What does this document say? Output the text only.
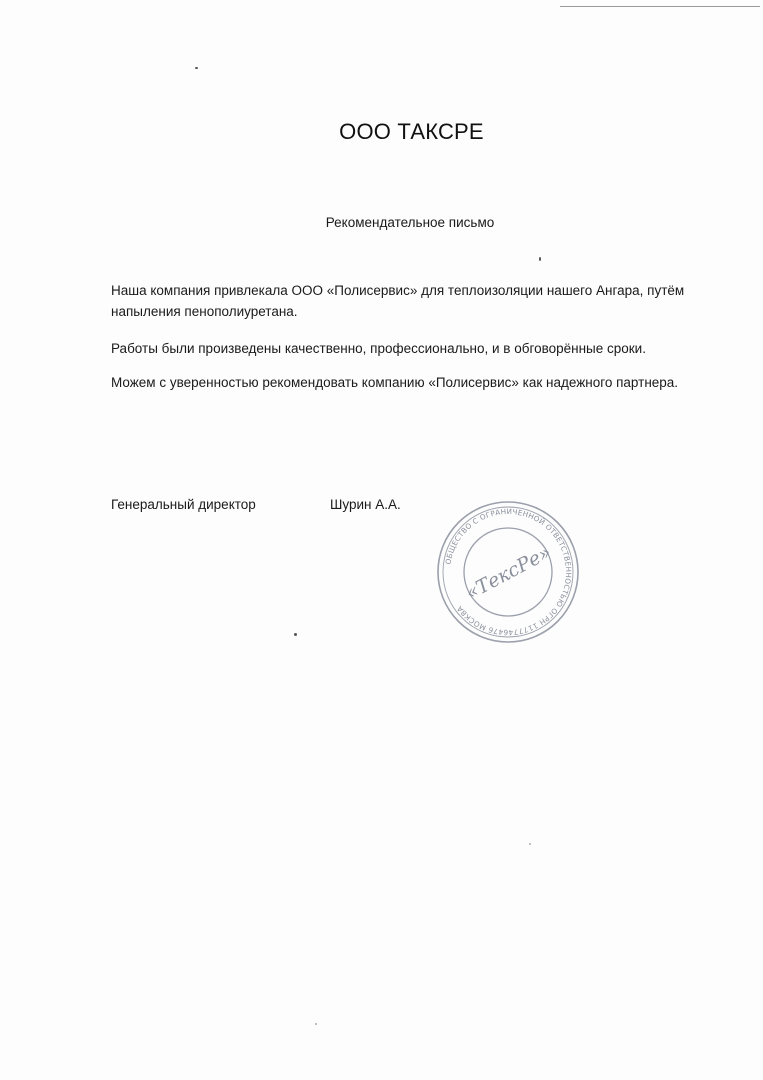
ООО ТАКСРЕ
Рекомендательное письмо

Наша компания привлекала ООО «Полисервис» для теплоизоляции нашего Ангара, путём напыления пенополиуретана.

Работы были произведены качественно, профессионально, и в обговорённые сроки.

Можем с уверенностью рекомендовать компанию «Полисервис» как надежного партнера.

Генеральный директор	Шурин А.А.
ОБЩЕСТВО С ОГРАНИЧЕННОЙ ОТВЕТСТВЕННОСТЬЮ ОГРН 1177746476 МОСКВА
«ТексРе»
